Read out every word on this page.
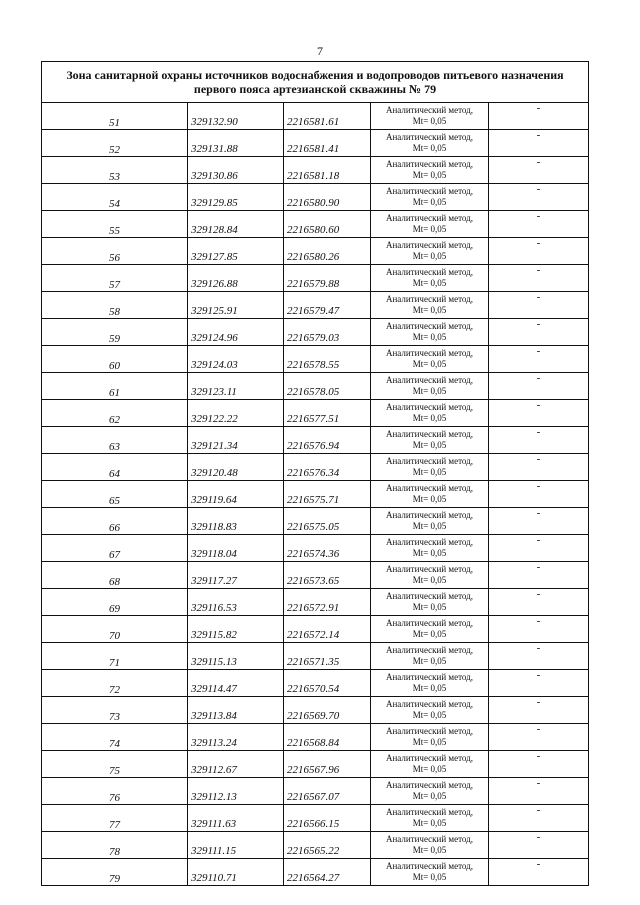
7
Зона санитарной охраны источников водоснабжения и водопроводов питьевого назначения первого пояса артезианской скважины № 79				
51	329132.90	2216581.61	Аналитический метод,
Mt= 0,05	-
52	329131.88	2216581.41	Аналитический метод,
Mt= 0,05	-
53	329130.86	2216581.18	Аналитический метод,
Mt= 0,05	-
54	329129.85	2216580.90	Аналитический метод,
Mt= 0,05	-
55	329128.84	2216580.60	Аналитический метод,
Mt= 0,05	-
56	329127.85	2216580.26	Аналитический метод,
Mt= 0,05	-
57	329126.88	2216579.88	Аналитический метод,
Mt= 0,05	-
58	329125.91	2216579.47	Аналитический метод,
Mt= 0,05	-
59	329124.96	2216579.03	Аналитический метод,
Mt= 0,05	-
60	329124.03	2216578.55	Аналитический метод,
Mt= 0,05	-
61	329123.11	2216578.05	Аналитический метод,
Mt= 0,05	-
62	329122.22	2216577.51	Аналитический метод,
Mt= 0,05	-
63	329121.34	2216576.94	Аналитический метод,
Mt= 0,05	-
64	329120.48	2216576.34	Аналитический метод,
Mt= 0,05	-
65	329119.64	2216575.71	Аналитический метод,
Mt= 0,05	-
66	329118.83	2216575.05	Аналитический метод,
Mt= 0,05	-
67	329118.04	2216574.36	Аналитический метод,
Mt= 0,05	-
68	329117.27	2216573.65	Аналитический метод,
Mt= 0,05	-
69	329116.53	2216572.91	Аналитический метод,
Mt= 0,05	-
70	329115.82	2216572.14	Аналитический метод,
Mt= 0,05	-
71	329115.13	2216571.35	Аналитический метод,
Mt= 0,05	-
72	329114.47	2216570.54	Аналитический метод,
Mt= 0,05	-
73	329113.84	2216569.70	Аналитический метод,
Mt= 0,05	-
74	329113.24	2216568.84	Аналитический метод,
Mt= 0,05	-
75	329112.67	2216567.96	Аналитический метод,
Mt= 0,05	-
76	329112.13	2216567.07	Аналитический метод,
Mt= 0,05	-
77	329111.63	2216566.15	Аналитический метод,
Mt= 0,05	-
78	329111.15	2216565.22	Аналитический метод,
Mt= 0,05	-
79	329110.71	2216564.27	Аналитический метод,
Mt= 0,05	-
